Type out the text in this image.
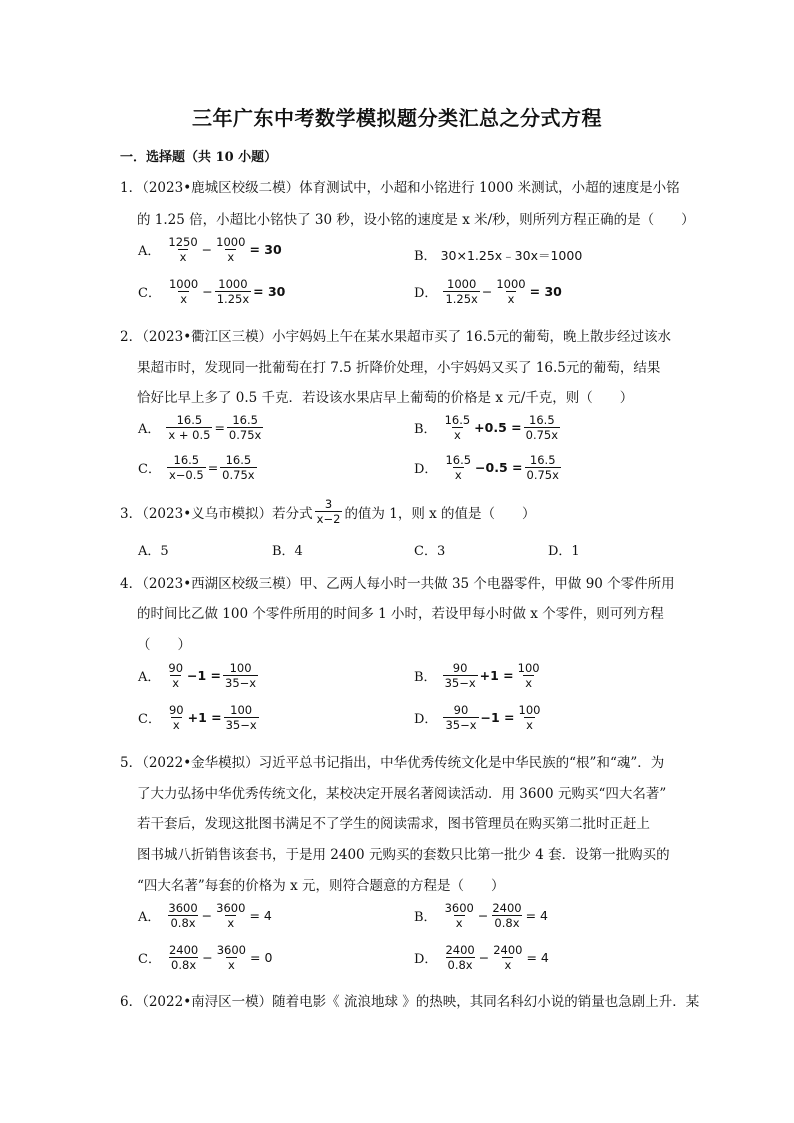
三年广东中考数学模拟题分类汇总之分式方程
一．选择题（共 10 小题）
1．（2023•鹿城区校级二模）体育测试中，小超和小铭进行 1000 米测试，小超的速度是小铭
的 1.25 倍，小超比小铭快了 30 秒，设小铭的速度是 x 米/秒，则所列方程正确的是（　　）
A． $\frac{1250}{x} - \frac{1000}{x} = 30$	B． 30×1.25x﹣30x＝1000
C． $\frac{1000}{x} - \frac{1000}{1.25x} = 30$	D． $\frac{1000}{1.25x} - \frac{1000}{x} = 30$
2．（2023•衢江区三模）小宇妈妈上午在某水果超市买了 16.5元的葡萄，晚上散步经过该水
果超市时，发现同一批葡萄在打 7.5 折降价处理，小宇妈妈又买了 16.5元的葡萄，结果
恰好比早上多了 0.5 千克．若设该水果店早上葡萄的价格是 x 元/千克，则（　　）
A． $\frac{16.5}{x + 0.5} = \frac{16.5}{0.75x}$	B． $\frac{16.5}{x} +0.5 = \frac{16.5}{0.75x}$
C． $\frac{16.5}{x-0.5} = \frac{16.5}{0.75x}$	D． $\frac{16.5}{x} -0.5 = \frac{16.5}{0.75x}$
3．（2023•义乌市模拟）若分式 $\frac{3}{x-2}$ 的值为 1，则 x 的值是（　　）
A．5	B．4	C．3	D．1
4．（2023•西湖区校级三模）甲、乙两人每小时一共做 35 个电器零件，甲做 90 个零件所用
的时间比乙做 100 个零件所用的时间多 1 小时，若设甲每小时做 x 个零件，则可列方程
（　　）
A． $\frac{90}{x} -1 = \frac{100}{35-x}$	B． $\frac{90}{35-x} +1 = \frac{100}{x}$
C． $\frac{90}{x} +1 = \frac{100}{35-x}$	D． $\frac{90}{35-x} -1 = \frac{100}{x}$
5．（2022•金华模拟）习近平总书记指出，中华优秀传统文化是中华民族的“根”和“魂”．为
了大力弘扬中华优秀传统文化，某校决定开展名著阅读活动．用 3600 元购买“四大名著”
若干套后，发现这批图书满足不了学生的阅读需求，图书管理员在购买第二批时正赶上
图书城八折销售该套书，于是用 2400 元购买的套数只比第一批少 4 套．设第一批购买的
“四大名著”每套的价格为 x 元，则符合题意的方程是（　　）
A． $\frac{3600}{0.8x} - \frac{3600}{x} = 4$	B． $\frac{3600}{x} - \frac{2400}{0.8x} = 4$
C． $\frac{2400}{0.8x} - \frac{3600}{x} = 0$	D． $\frac{2400}{0.8x} - \frac{2400}{x} = 4$
6．（2022•南浔区一模）随着电影《 流浪地球 》的热映，其同名科幻小说的销量也急剧上升．某
